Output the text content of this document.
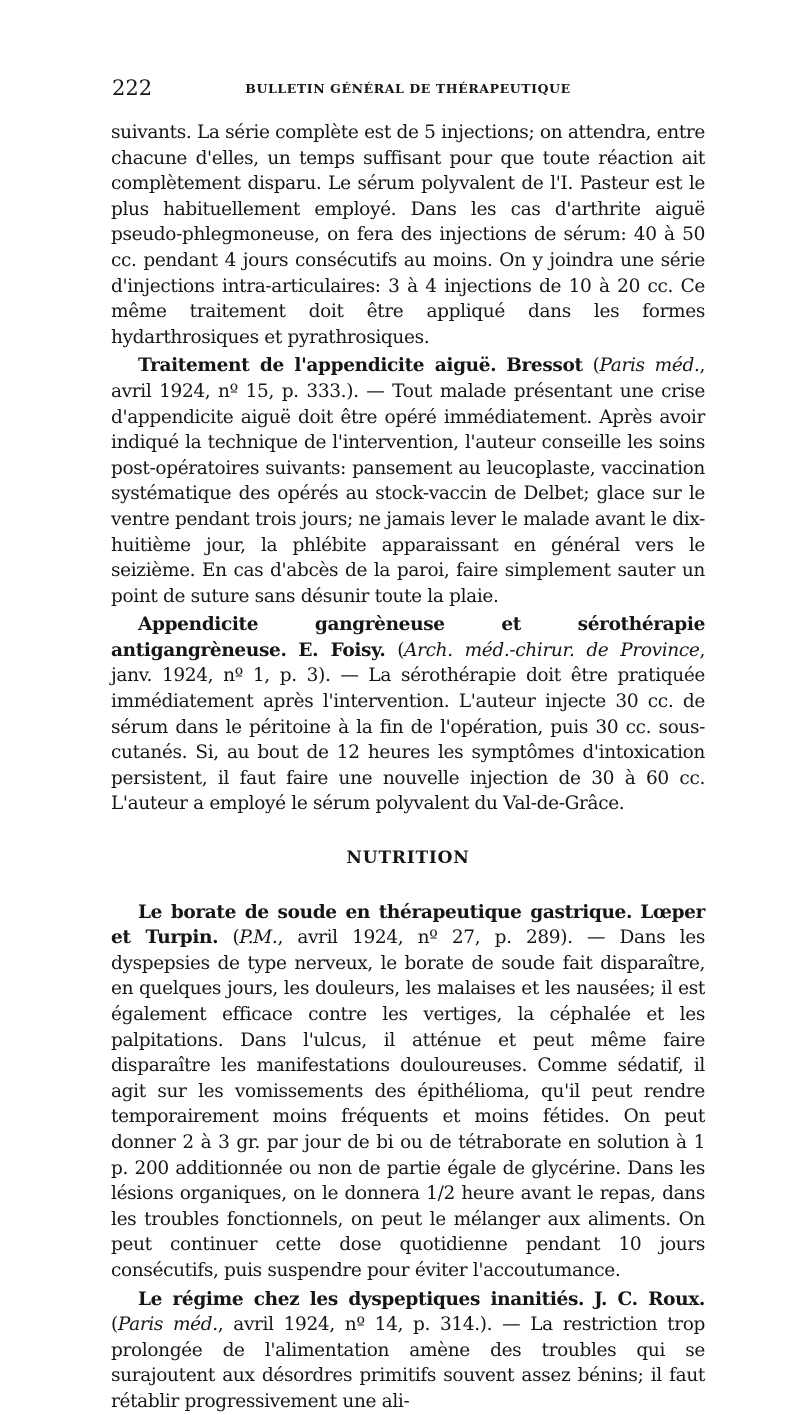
222	BULLETIN GÉNÉRAL DE THÉRAPEUTIQUE

suivants. La série complète est de 5 injections; on attendra, entre chacune d'elles, un temps suffisant pour que toute réaction ait complètement disparu. Le sérum polyvalent de l'I. Pasteur est le plus habituellement employé. Dans les cas d'arthrite aiguë pseudo-phlegmoneuse, on fera des injections de sérum: 40 à 50 cc. pendant 4 jours consécutifs au moins. On y joindra une série d'injections intra-articulaires: 3 à 4 injections de 10 à 20 cc. Ce même traitement doit être appliqué dans les formes hydarthrosiques et pyrathrosiques.

Traitement de l'appendicite aiguë. Bressot (Paris méd., avril 1924, nº 15, p. 333.). — Tout malade présentant une crise d'appendicite aiguë doit être opéré immédiatement. Après avoir indiqué la technique de l'intervention, l'auteur conseille les soins post-opératoires suivants: pansement au leucoplaste, vaccination systématique des opérés au stock-vaccin de Delbet; glace sur le ventre pendant trois jours; ne jamais lever le malade avant le dix-huitième jour, la phlébite apparaissant en général vers le seizième. En cas d'abcès de la paroi, faire simplement sauter un point de suture sans désunir toute la plaie.

Appendicite gangrèneuse et sérothérapie antigangrèneuse. E. Foisy. (Arch. méd.-chirur. de Province, janv. 1924, nº 1, p. 3). — La sérothérapie doit être pratiquée immédiatement après l'intervention. L'auteur injecte 30 cc. de sérum dans le péritoine à la fin de l'opération, puis 30 cc. sous-cutanés. Si, au bout de 12 heures les symptômes d'intoxication persistent, il faut faire une nouvelle injection de 30 à 60 cc. L'auteur a employé le sérum polyvalent du Val-de-Grâce.

NUTRITION

Le borate de soude en thérapeutique gastrique. Lœper et Turpin. (P.M., avril 1924, nº 27, p. 289). — Dans les dyspepsies de type nerveux, le borate de soude fait disparaître, en quelques jours, les douleurs, les malaises et les nausées; il est également efficace contre les vertiges, la céphalée et les palpitations. Dans l'ulcus, il atténue et peut même faire disparaître les manifestations douloureuses. Comme sédatif, il agit sur les vomissements des épithélioma, qu'il peut rendre temporairement moins fréquents et moins fétides. On peut donner 2 à 3 gr. par jour de bi ou de tétraborate en solution à 1 p. 200 additionnée ou non de partie égale de glycérine. Dans les lésions organiques, on le donnera 1/2 heure avant le repas, dans les troubles fonctionnels, on peut le mélanger aux aliments. On peut continuer cette dose quotidienne pendant 10 jours consécutifs, puis suspendre pour éviter l'accoutumance.

Le régime chez les dyspeptiques inanitiés. J. C. Roux. (Paris méd., avril 1924, nº 14, p. 314.). — La restriction trop prolongée de l'alimentation amène des troubles qui se surajoutent aux désordres primitifs souvent assez bénins; il faut rétablir progressivement une ali-
